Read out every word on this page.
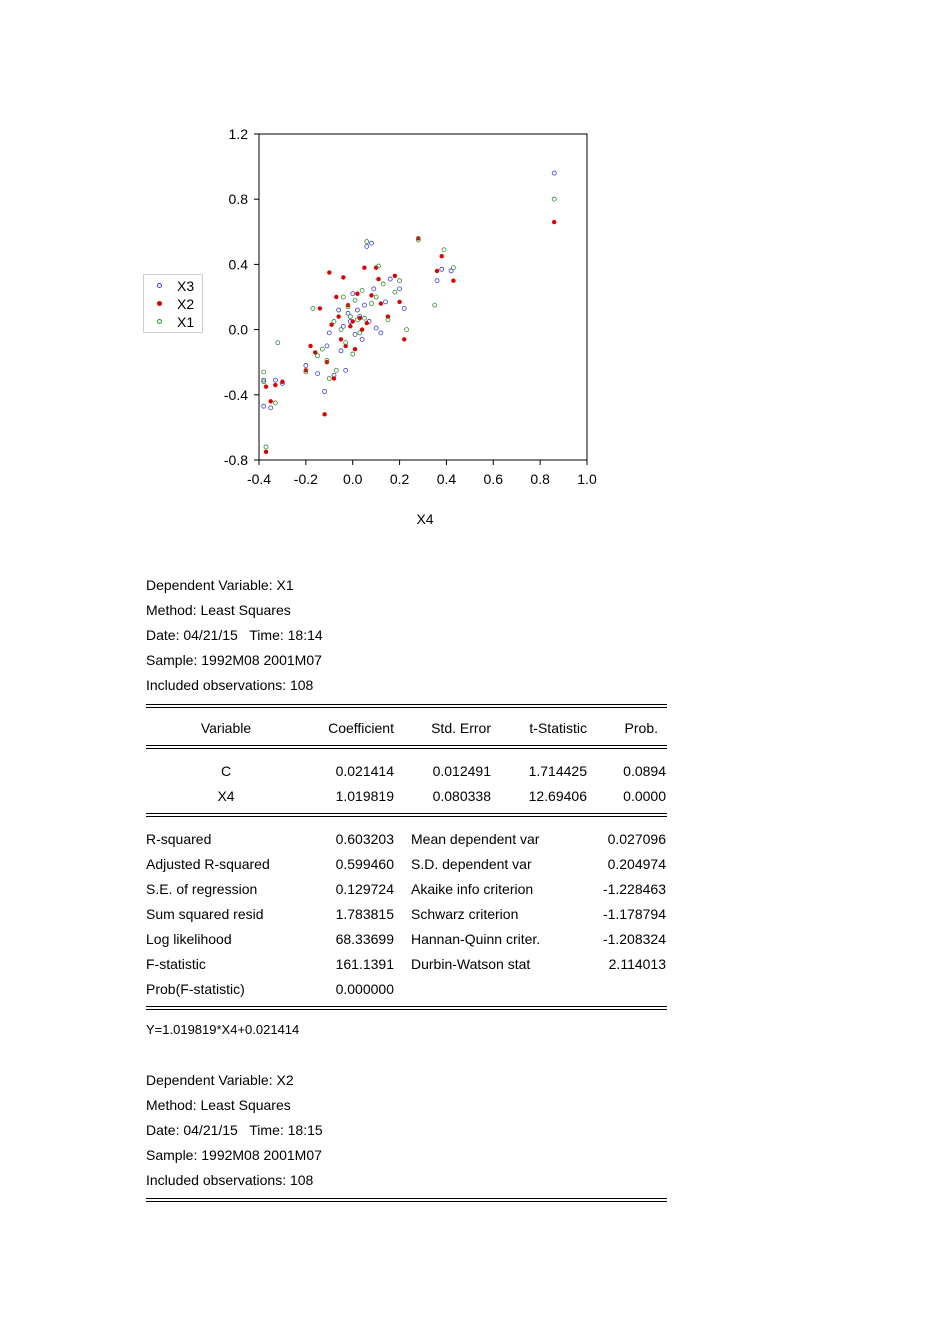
1.2
0.8
0.4
0.0
-0.4
-0.8
-0.4 -0.2 0.0 0.2 0.4 0.6 0.8 1.0
X4
X3
X2
X1
Dependent Variable: X1
Method: Least Squares
Date: 04/21/15   Time: 18:14
Sample: 1992M08 2001M07
Included observations: 108
Variable	Coefficient	Std. Error	t-Statistic	Prob.
C	0.021414	0.012491	1.714425	0.0894
X4	1.019819	0.080338	12.69406	0.0000
R-squared	0.603203 Mean dependent var	0.027096
Adjusted R-squared	0.599460 S.D. dependent var	0.204974
S.E. of regression	0.129724 Akaike info criterion	-1.228463
Sum squared resid	1.783815 Schwarz criterion	-1.178794
Log likelihood	68.33699 Hannan-Quinn criter.	-1.208324
F-statistic	161.1391 Durbin-Watson stat	2.114013
Prob(F-statistic)	0.000000
Y=1.019819*X4+0.021414
Dependent Variable: X2
Method: Least Squares
Date: 04/21/15   Time: 18:15
Sample: 1992M08 2001M07
Included observations: 108
